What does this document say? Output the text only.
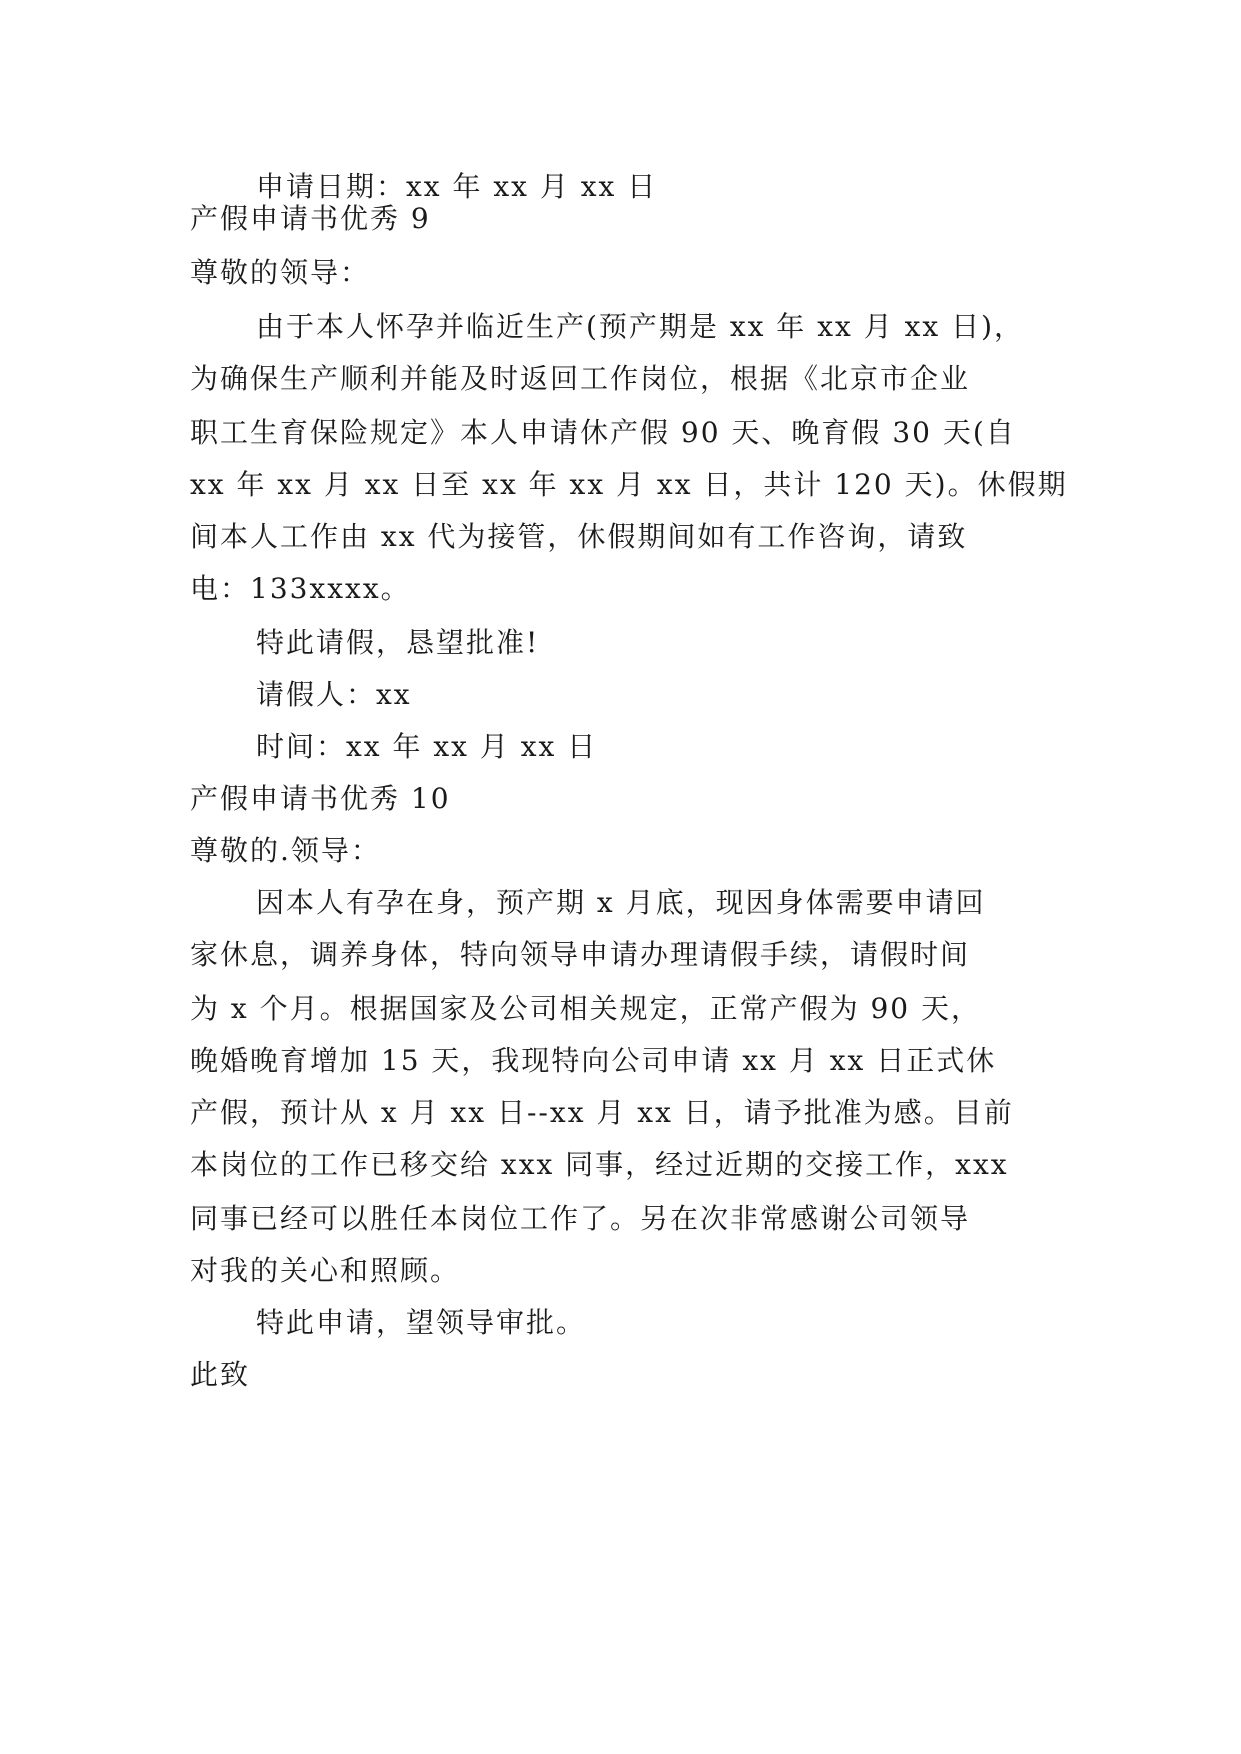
申请日期：xx 年 xx 月 xx 日
产假申请书优秀 9
尊敬的领导：
由于本人怀孕并临近生产(预产期是 xx 年 xx 月 xx 日)，
为确保生产顺利并能及时返回工作岗位，根据《北京市企业
职工生育保险规定》本人申请休产假 90 天、晚育假 30 天(自
xx 年 xx 月 xx 日至 xx 年 xx 月 xx 日，共计 120 天)。休假期
间本人工作由 xx 代为接管，休假期间如有工作咨询，请致
电：133xxxx。
特此请假，恳望批准!
请假人：xx
时间：xx 年 xx 月 xx 日
产假申请书优秀 10
尊敬的.领导：
因本人有孕在身，预产期 x 月底，现因身体需要申请回
家休息，调养身体，特向领导申请办理请假手续，请假时间
为 x 个月。根据国家及公司相关规定，正常产假为 90 天，
晚婚晚育增加 15 天，我现特向公司申请 xx 月 xx 日正式休
产假，预计从 x 月 xx 日--xx 月 xx 日，请予批准为感。目前
本岗位的工作已移交给 xxx 同事，经过近期的交接工作，xxx
同事已经可以胜任本岗位工作了。另在次非常感谢公司领导
对我的关心和照顾。
特此申请，望领导审批。
此致
